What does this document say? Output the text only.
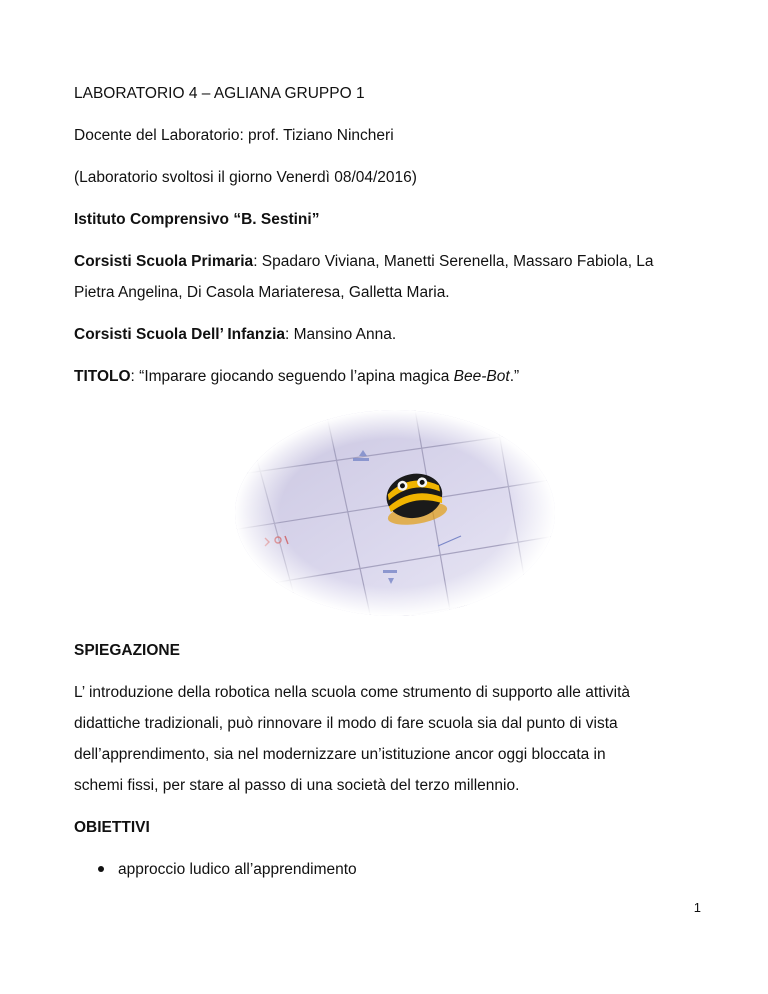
LABORATORIO 4 – AGLIANA GRUPPO 1
Docente del Laboratorio: prof. Tiziano Nincheri
(Laboratorio svoltosi il giorno Venerdì 08/04/2016)
Istituto Comprensivo “B. Sestini”
Corsisti Scuola Primaria: Spadaro Viviana, Manetti Serenella, Massaro Fabiola, La
Pietra Angelina, Di Casola Mariateresa, Galletta Maria.
Corsisti Scuola Dell’ Infanzia: Mansino Anna.
TITOLO: “Imparare giocando seguendo l’apina magica Bee-Bot.”
SPIEGAZIONE
L’ introduzione della robotica nella scuola come strumento di supporto alle attività
didattiche tradizionali, può rinnovare il modo di fare scuola sia dal punto di vista
dell’apprendimento, sia nel modernizzare un’istituzione ancor oggi bloccata in
schemi fissi, per stare al passo di una società del terzo millennio.
OBIETTIVI
approccio ludico all’apprendimento
1
